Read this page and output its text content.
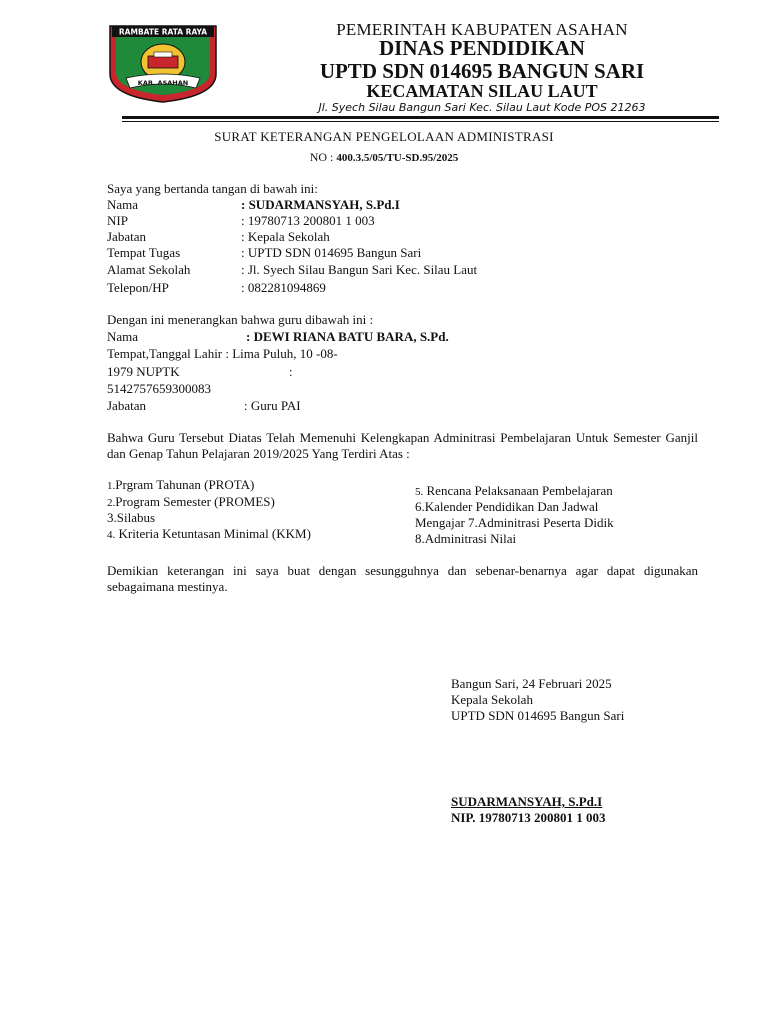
RAMBATE RATA RAYA
KAB. ASAHAN
PEMERINTAH KABUPATEN ASAHAN
DINAS PENDIDIKAN
UPTD SDN 014695 BANGUN SARI
KECAMATAN SILAU LAUT
Jl. Syech Silau Bangun Sari Kec. Silau Laut Kode POS 21263
SURAT KETERANGAN PENGELOLAAN ADMINISTRASI
NO : 400.3.5/05/TU-SD.95/2025
Saya yang bertanda tangan di bawah ini:
Nama	: SUDARMANSYAH, S.Pd.I
NIP	: 19780713 200801 1 003
Jabatan	: Kepala Sekolah
Tempat Tugas	: UPTD SDN 014695 Bangun Sari
Alamat Sekolah	: Jl. Syech Silau Bangun Sari Kec. Silau Laut
Telepon/HP	: 082281094869
Dengan ini menerangkan bahwa guru dibawah ini :
Nama	: DEWI RIANA BATU BARA, S.Pd.
Tempat,Tanggal Lahir : Lima Puluh, 10 -08-
1979 NUPTK	:
5142757659300083
Jabatan	: Guru PAI
Bahwa Guru Tersebut Diatas Telah Memenuhi Kelengkapan Adminitrasi Pembelajaran Untuk Semester Ganjil dan Genap Tahun Pelajaran 2019/2025 Yang Terdiri Atas :
1.Prgram Tahunan (PROTA)
2.Program Semester (PROMES)
3.Silabus
4. Kriteria Ketuntasan Minimal (KKM)
5. Rencana Pelaksanaan Pembelajaran
6.Kalender Pendidikan Dan Jadwal
Mengajar 7.Adminitrasi Peserta Didik
8.Adminitrasi Nilai
Demikian keterangan ini saya buat dengan sesungguhnya dan sebenar-benarnya agar dapat digunakan sebagaimana mestinya.
Bangun Sari, 24 Februari 2025
Kepala Sekolah
UPTD SDN 014695 Bangun Sari
SUDARMANSYAH, S.Pd.I
NIP. 19780713 200801 1 003
